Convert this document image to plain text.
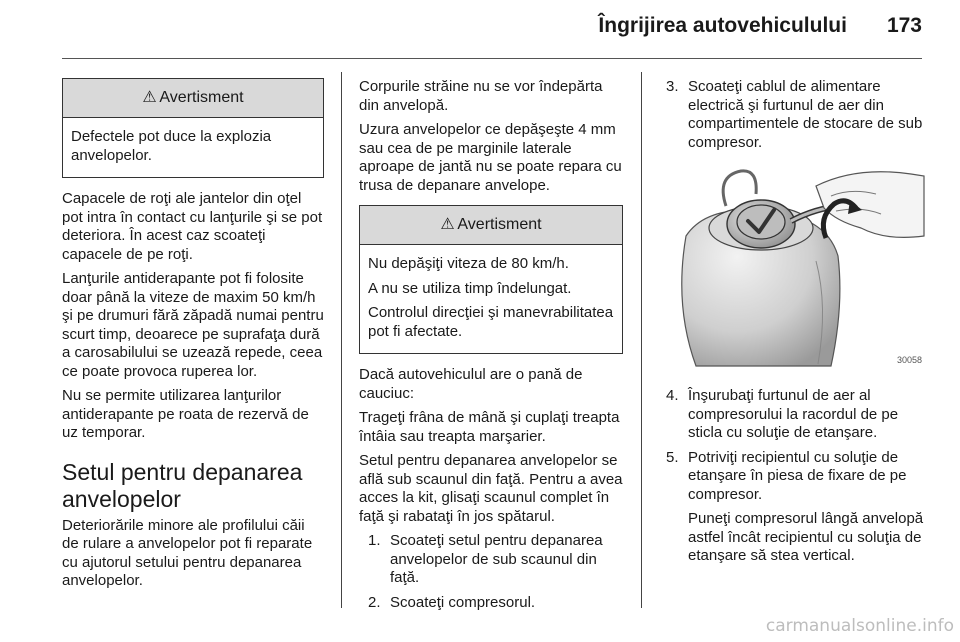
Îngrijirea autovehiculului 173
⚠ Avertisment

Defectele pot duce la explozia anvelopelor.

Capacele de roţi ale jantelor din oţel pot intra în contact cu lanţurile şi se pot deteriora. În acest caz scoateţi capacele de pe roţi.

Lanţurile antiderapante pot fi folosite doar până la viteze de maxim 50 km/h şi pe drumuri fără zăpadă numai pentru scurt timp, deoarece pe suprafaţa dură a carosabilului se uzează repede, ceea ce poate provoca ruperea lor.

Nu se permite utilizarea lanţurilor antiderapante pe roata de rezervă de uz temporar.

Setul pentru depanarea anvelopelor

Deteriorările minore ale profilului căii de rulare a anvelopelor pot fi reparate cu ajutorul setului pentru depanarea anvelopelor.

Corpurile străine nu se vor îndepărta din anvelopă.

Uzura anvelopelor ce depăşeşte 4 mm sau cea de pe marginile laterale aproape de jantă nu se poate repara cu trusa de depanare anvelope.

⚠ Avertisment

Nu depăşiţi viteza de 80 km/h.

A nu se utiliza timp îndelungat.

Controlul direcţiei şi manevrabilitatea pot fi afectate.

Dacă autovehiculul are o pană de cauciuc:

Trageţi frâna de mână şi cuplaţi treapta întâia sau treapta marşarier.

Setul pentru depanarea anvelopelor se află sub scaunul din faţă. Pentru a avea acces la kit, glisaţi scaunul complet în faţă şi rabataţi în jos spătarul.

1. Scoateţi setul pentru depanarea anvelopelor de sub scaunul din faţă.
2. Scoateţi compresorul.
3. Scoateţi cablul de alimentare electrică şi furtunul de aer din compartimentele de stocare de sub compresor.
30058
4. Înşurubaţi furtunul de aer al compresorului la racordul de pe sticla cu soluţie de etanşare.
5. Potriviţi recipientul cu soluţie de etanşare în piesa de fixare de pe compresor.

Puneţi compresorul lângă anvelopă astfel încât recipientul cu soluţia de etanşare să stea vertical.

carmanualsonline.info
